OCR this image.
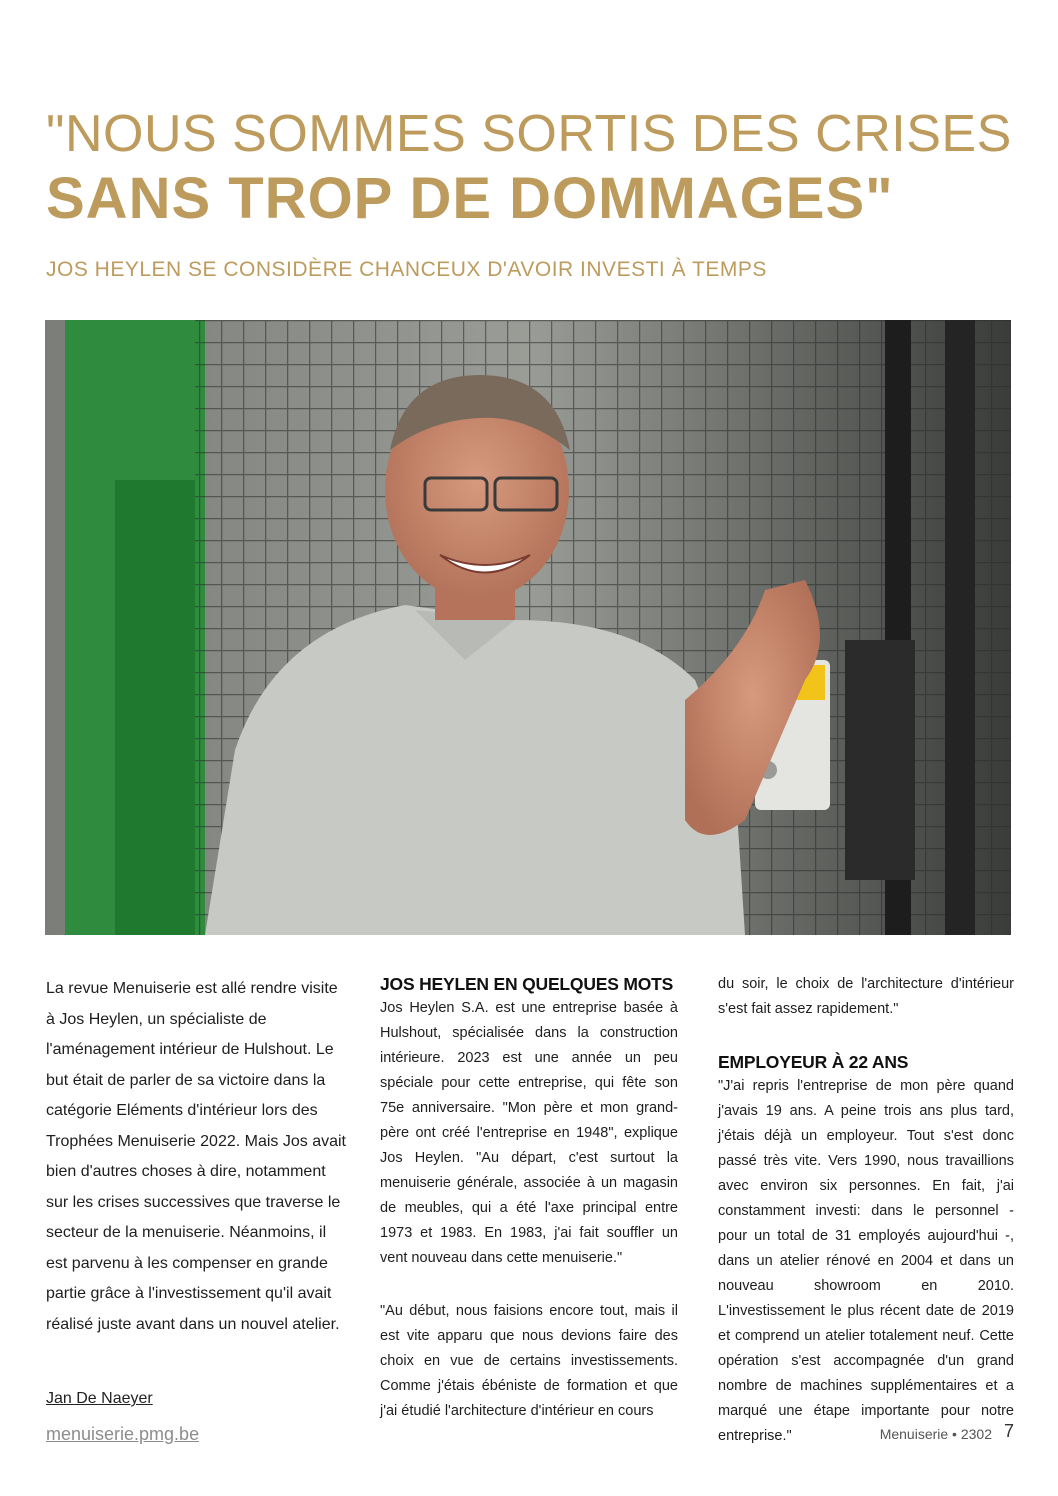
"NOUS SOMMES SORTIS DES CRISES
SANS TROP DE DOMMAGES"
JOS HEYLEN SE CONSIDÈRE CHANCEUX D'AVOIR INVESTI À TEMPS

La revue Menuiserie est allé rendre visite à Jos Heylen, un spécialiste de l'aménagement intérieur de Hulshout. Le but était de parler de sa victoire dans la catégorie Eléments d'intérieur lors des Trophées Menuiserie 2022. Mais Jos avait bien d'autres choses à dire, notamment sur les crises successives que traverse le secteur de la menuiserie. Néanmoins, il est parvenu à les compenser en grande partie grâce à l'investissement qu'il avait réalisé juste avant dans un nouvel atelier.

Jan De Naeyer

JOS HEYLEN EN QUELQUES MOTS

Jos Heylen S.A. est une entreprise basée à Hulshout, spécialisée dans la construction intérieure. 2023 est une année un peu spéciale pour cette entreprise, qui fête son 75e anniversaire. "Mon père et mon grand-père ont créé l'entreprise en 1948", explique Jos Heylen. "Au départ, c'est surtout la menuiserie générale, associée à un magasin de meubles, qui a été l'axe principal entre 1973 et 1983. En 1983, j'ai fait souffler un vent nouveau dans cette menuiserie."

"Au début, nous faisions encore tout, mais il est vite apparu que nous devions faire des choix en vue de certains investissements. Comme j'étais ébéniste de formation et que j'ai étudié l'architecture d'intérieur en cours

du soir, le choix de l'architecture d'intérieur s'est fait assez rapidement."

EMPLOYEUR À 22 ANS

"J'ai repris l'entreprise de mon père quand j'avais 19 ans. A peine trois ans plus tard, j'étais déjà un employeur. Tout s'est donc passé très vite. Vers 1990, nous travaillions avec environ six personnes. En fait, j'ai constamment investi: dans le personnel - pour un total de 31 employés aujourd'hui -, dans un atelier rénové en 2004 et dans un nouveau showroom en 2010. L'investissement le plus récent date de 2019 et comprend un atelier totalement neuf. Cette opération s'est accompagnée d'un grand nombre de machines supplémentaires et a marqué une étape importante pour notre entreprise."

menuiserie.pmg.be	Menuiserie • 2302 7
